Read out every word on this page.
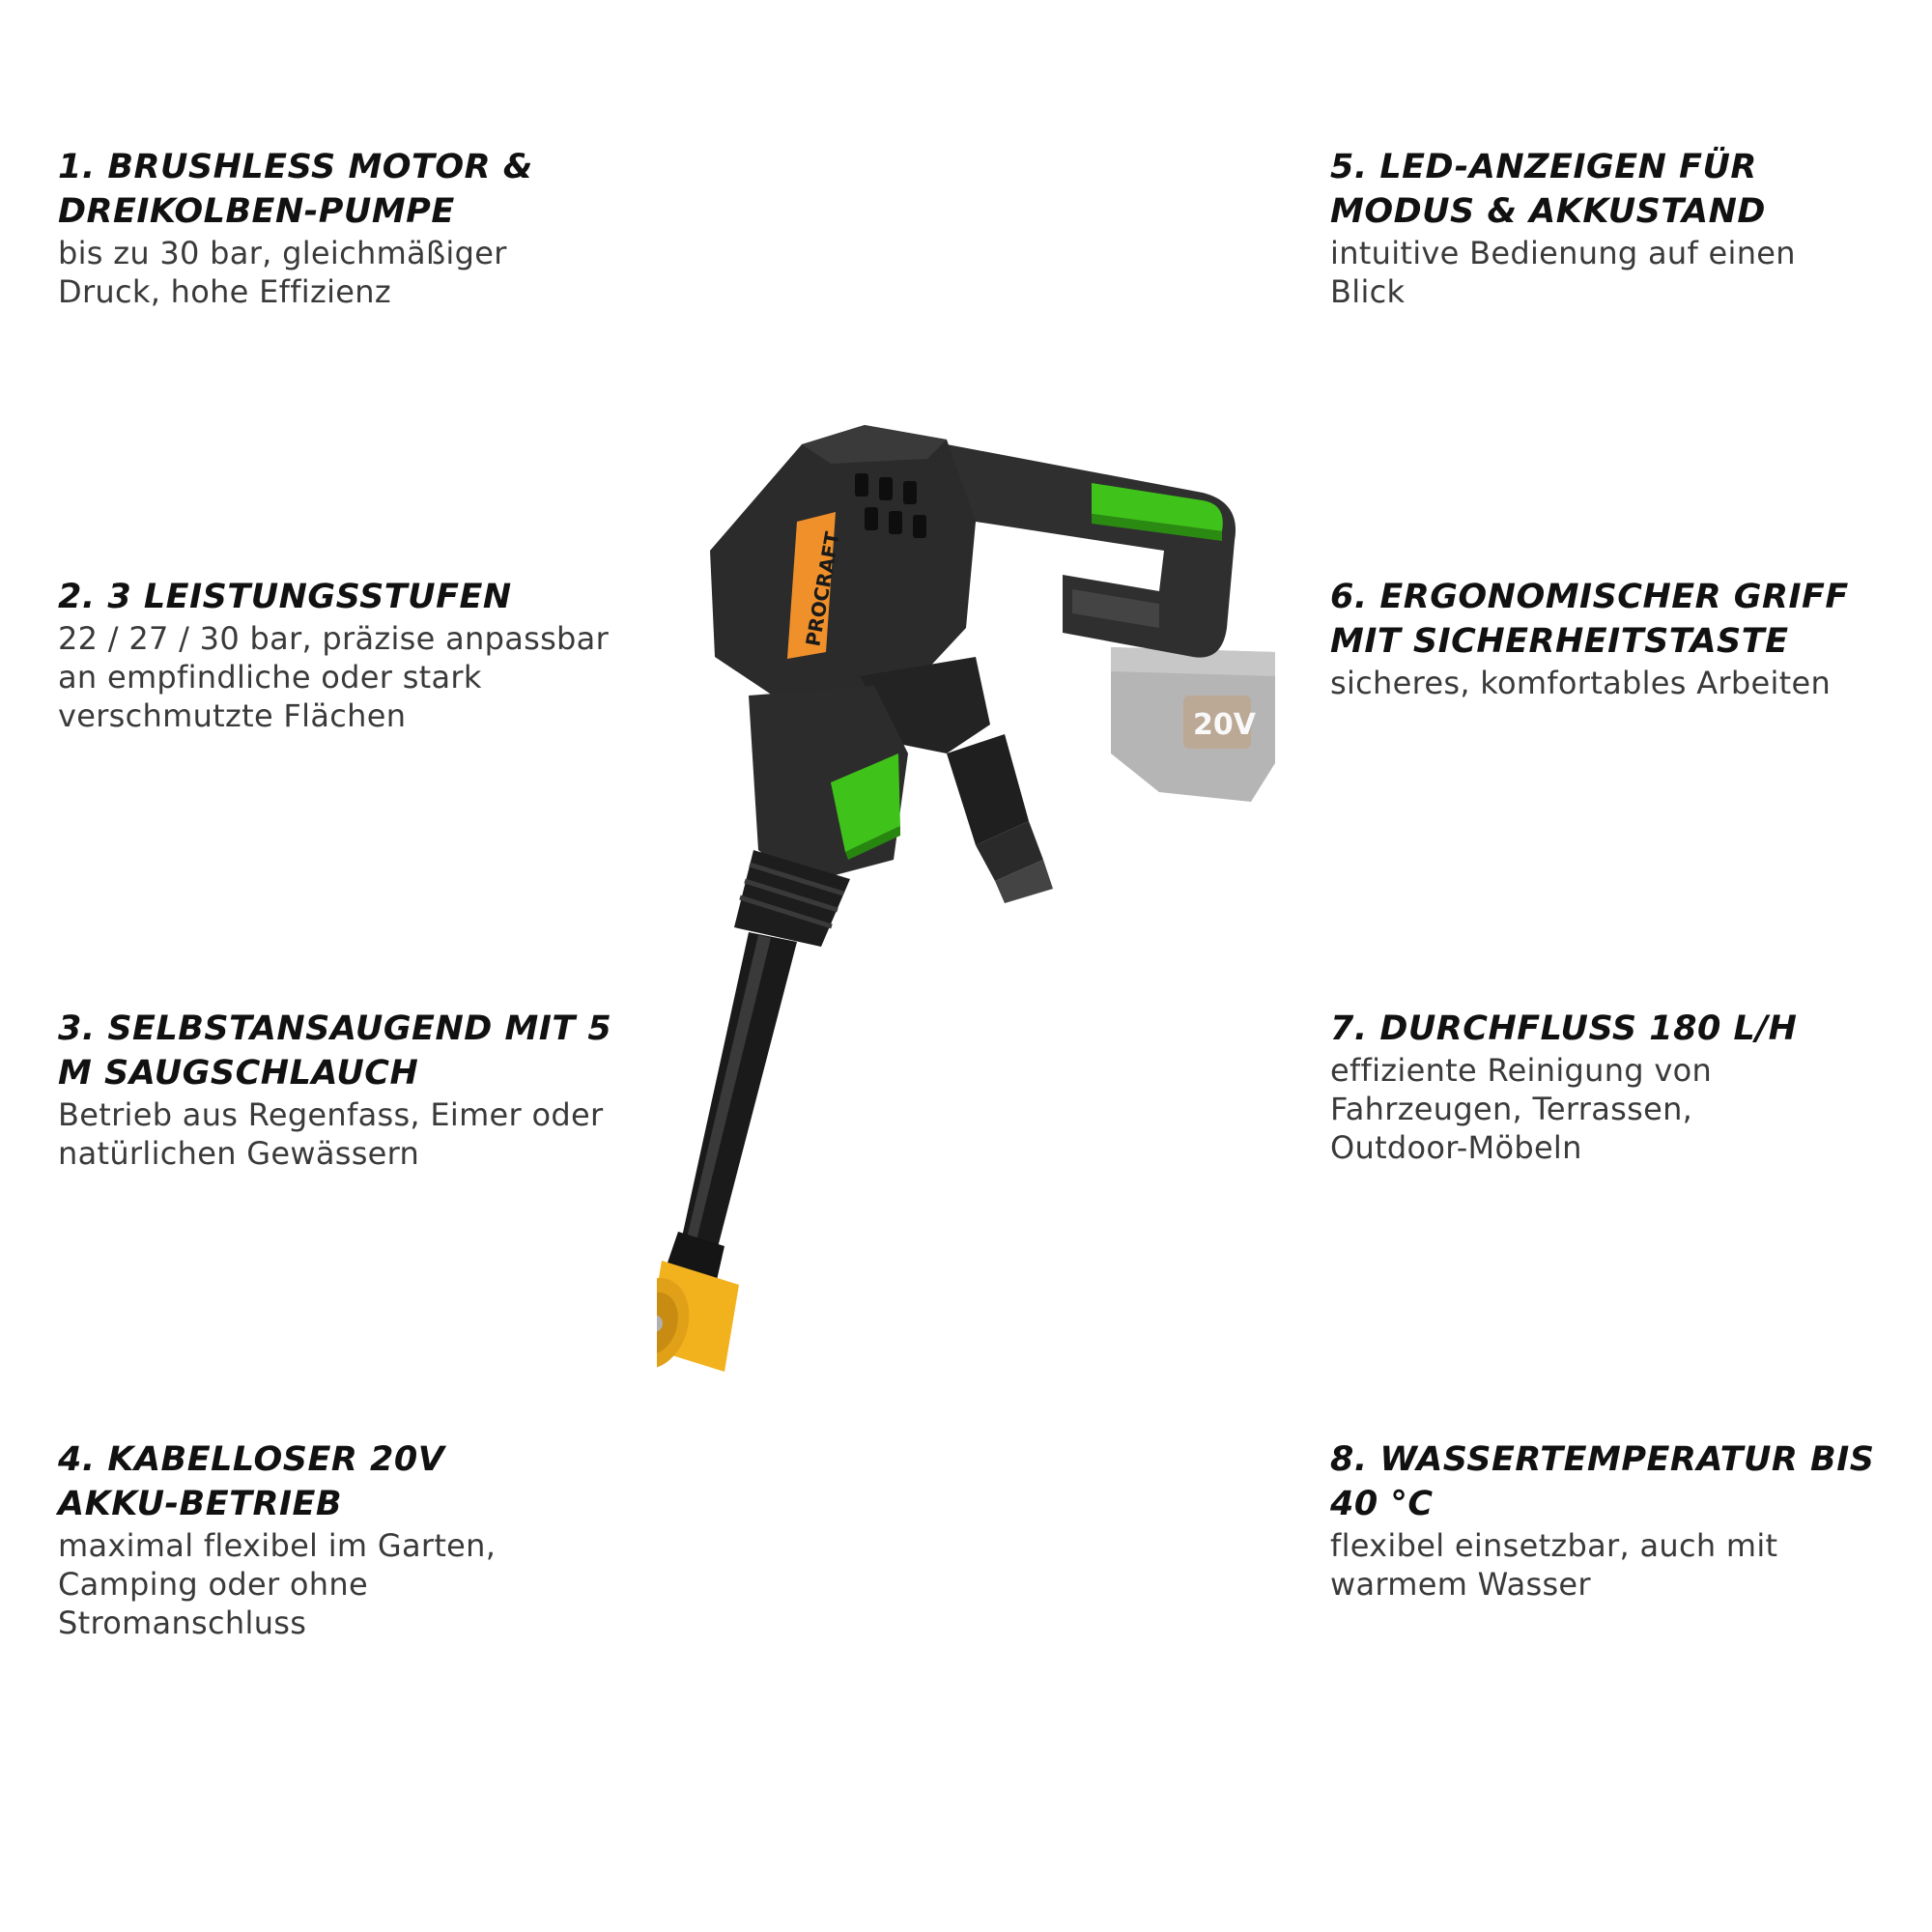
1. BRUSHLESS MOTOR &
DREIKOLBEN-PUMPE

bis zu 30 bar, gleichmäßiger
Druck, hohe Effizienz

2. 3 LEISTUNGSSTUFEN

22 / 27 / 30 bar, präzise anpassbar
an empfindliche oder stark
verschmutzte Flächen

3. SELBSTANSAUGEND MIT 5
M SAUGSCHLAUCH

Betrieb aus Regenfass, Eimer oder
natürlichen Gewässern

4. KABELLOSER 20V
AKKU-BETRIEB

maximal flexibel im Garten,
Camping oder ohne
Stromanschluss

5. LED-ANZEIGEN FÜR
MODUS & AKKUSTAND

intuitive Bedienung auf einen
Blick

6. ERGONOMISCHER GRIFF
MIT SICHERHEITSTASTE

sicheres, komfortables Arbeiten

7. DURCHFLUSS 180 L/H

effiziente Reinigung von
Fahrzeugen, Terrassen,
Outdoor-Möbeln

8. WASSERTEMPERATUR BIS
40 °C

flexibel einsetzbar, auch mit
warmem Wasser

20V
PROCRAFT
